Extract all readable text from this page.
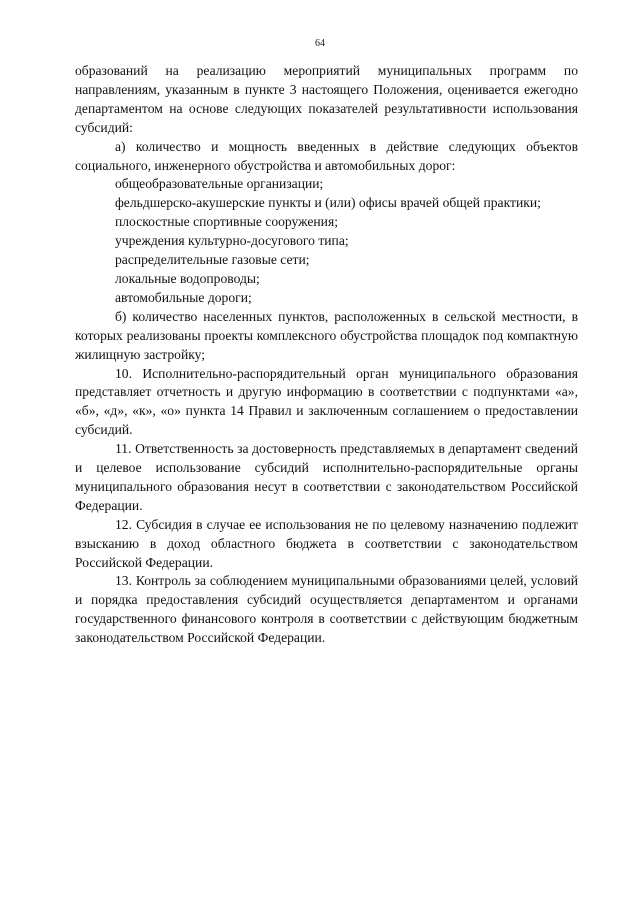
64

образований на реализацию мероприятий муниципальных программ по направлениям, указанным в пункте 3 настоящего Положения, оценивается ежегодно департаментом на основе следующих показателей результативности использования субсидий:

а) количество и мощность введенных в действие следующих объектов социального, инженерного обустройства и автомобильных дорог:

общеобразовательные организации;

фельдшерско-акушерские пункты и (или) офисы врачей общей практики;

плоскостные спортивные сооружения;

учреждения культурно-досугового типа;

распределительные газовые сети;

локальные водопроводы;

автомобильные дороги;

б) количество населенных пунктов, расположенных в сельской местности, в которых реализованы проекты комплексного обустройства площадок под компактную жилищную застройку;

10. Исполнительно-распорядительный орган муниципального образования представляет отчетность и другую информацию в соответствии с подпунктами «а», «б», «д», «к», «о» пункта 14 Правил и заключенным соглашением о предоставлении субсидий.

11. Ответственность за достоверность представляемых в департамент сведений и целевое использование субсидий исполнительно-распорядительные органы муниципального образования несут в соответствии с законодательством Российской Федерации.

12. Субсидия в случае ее использования не по целевому назначению подлежит взысканию в доход областного бюджета в соответствии с законодательством Российской Федерации.

13. Контроль за соблюдением муниципальными образованиями целей, условий и порядка предоставления субсидий осуществляется департаментом и органами государственного финансового контроля в соответствии с действующим бюджетным законодательством Российской Федерации.
